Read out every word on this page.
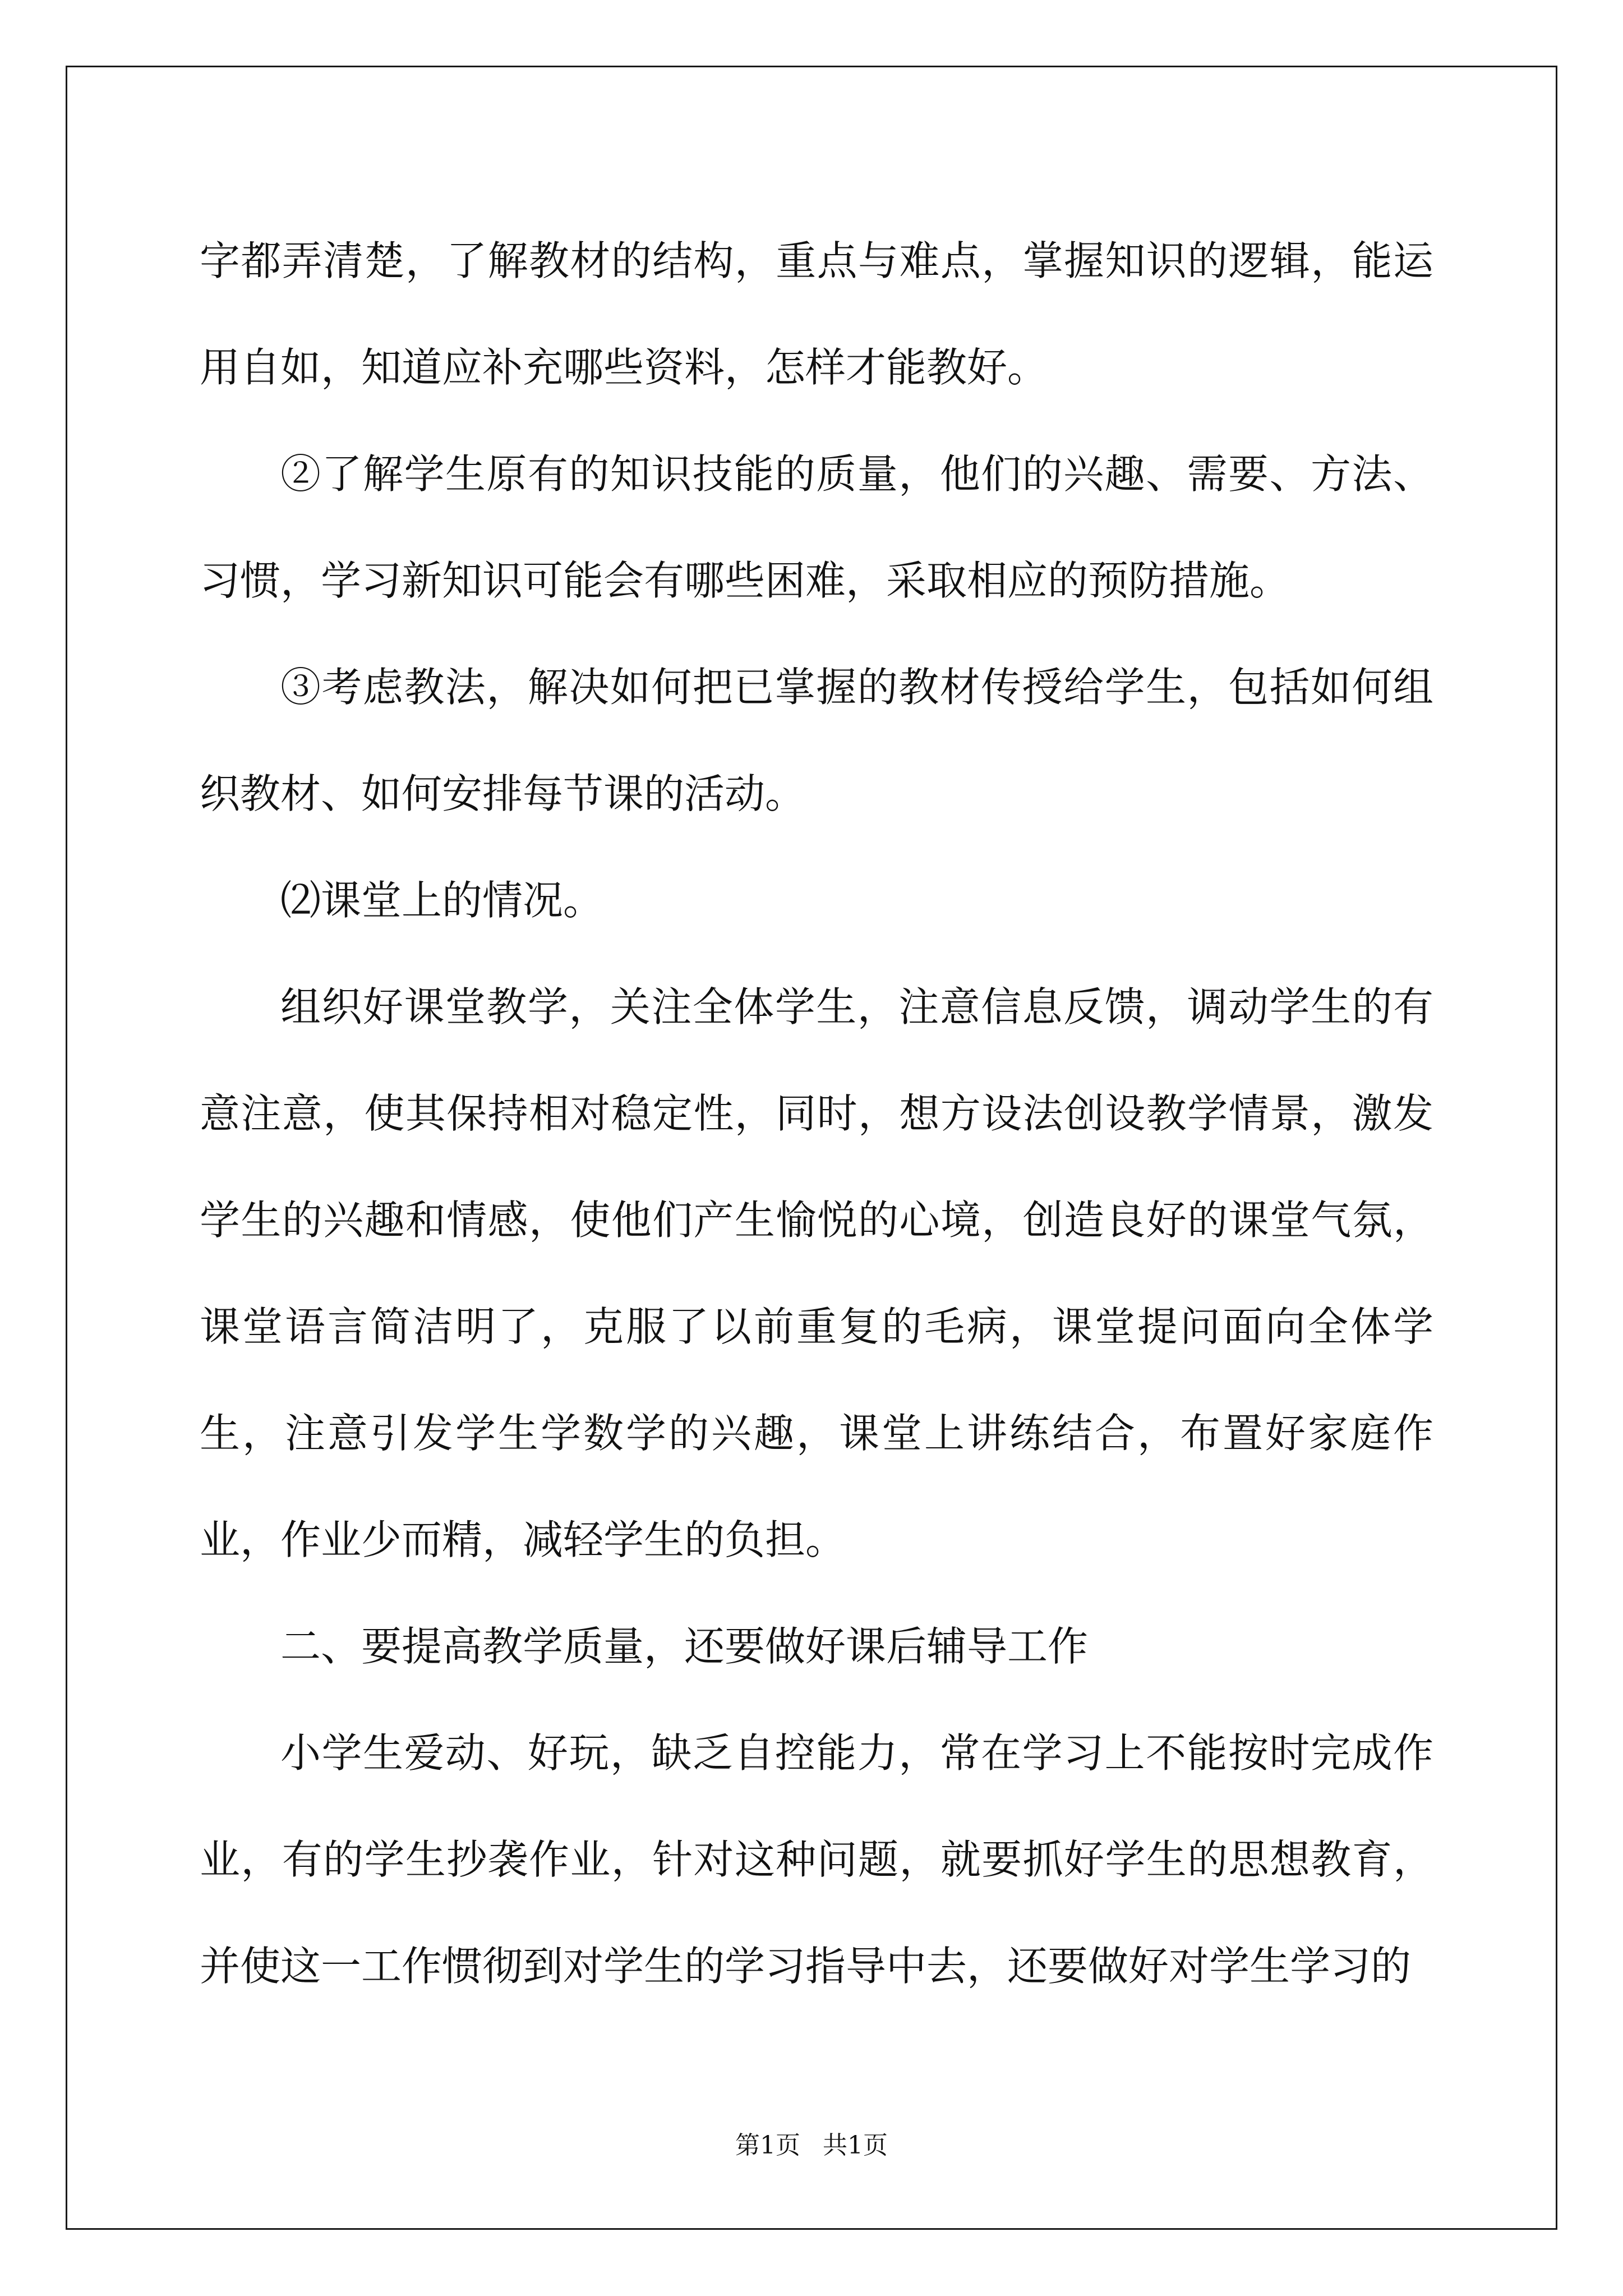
字都弄清楚，了解教材的结构，重点与难点，掌握知识的逻辑，能运用自如，知道应补充哪些资料，怎样才能教好。

②了解学生原有的知识技能的质量，他们的兴趣、需要、方法、习惯，学习新知识可能会有哪些困难，采取相应的预防措施。

③考虑教法，解决如何把已掌握的教材传授给学生，包括如何组织教材、如何安排每节课的活动。

⑵课堂上的情况。

组织好课堂教学，关注全体学生，注意信息反馈，调动学生的有意注意，使其保持相对稳定性，同时，想方设法创设教学情景，激发学生的兴趣和情感，使他们产生愉悦的心境，创造良好的课堂气氛，课堂语言简洁明了，克服了以前重复的毛病，课堂提问面向全体学生，注意引发学生学数学的兴趣，课堂上讲练结合，布置好家庭作业，作业少而精，减轻学生的负担。

二、要提高教学质量，还要做好课后辅导工作

小学生爱动、好玩，缺乏自控能力，常在学习上不能按时完成作业，有的学生抄袭作业，针对这种问题，就要抓好学生的思想教育，并使这一工作惯彻到对学生的学习指导中去，还要做好对学生学习的

第1页 共1页
